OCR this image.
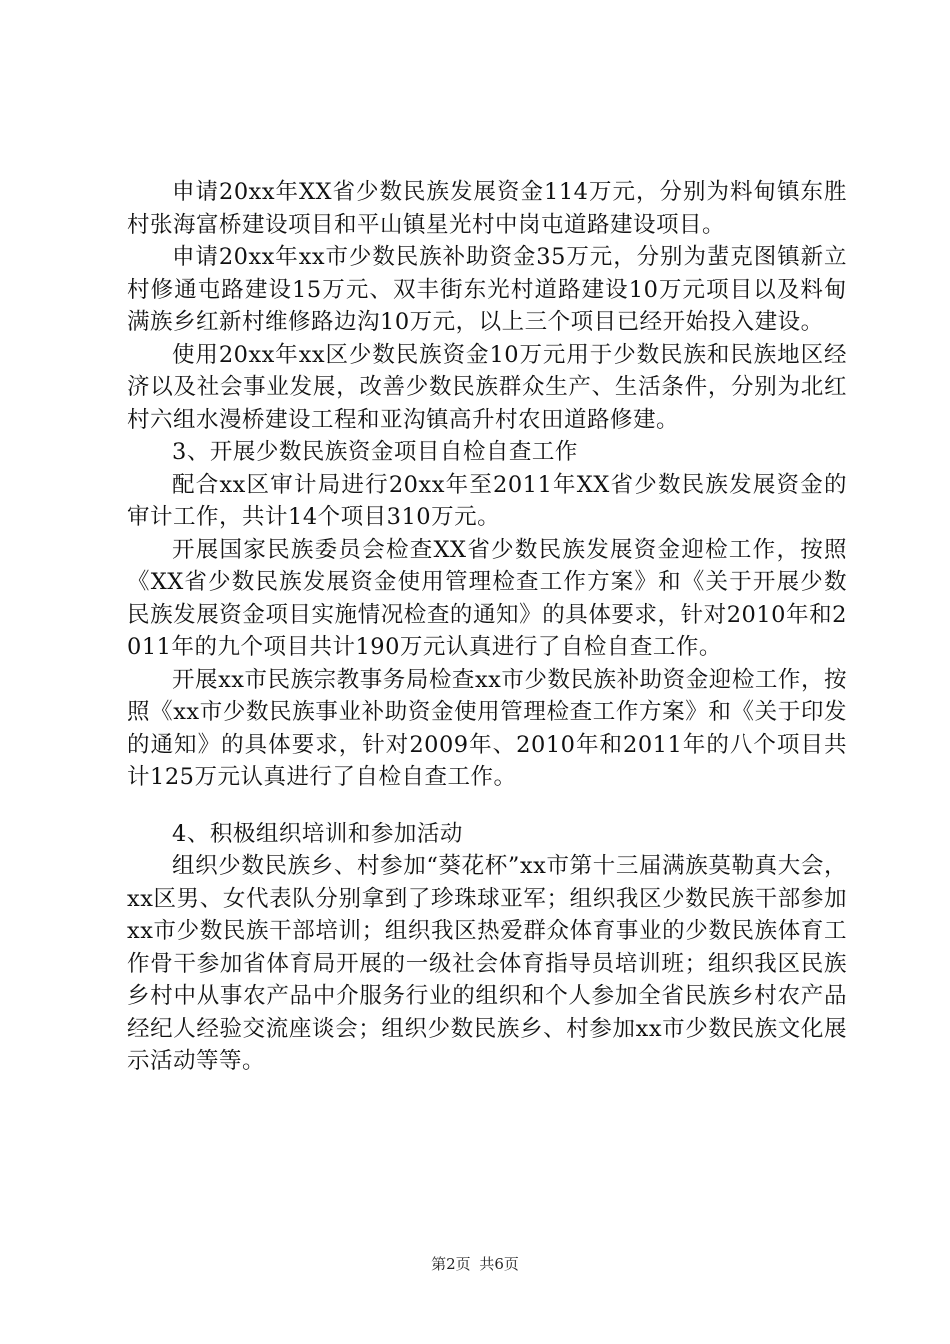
申请20xx年XX省少数民族发展资金114万元，分别为料甸镇东胜村张海富桥建设项目和平山镇星光村中岗屯道路建设项目。

申请20xx年xx市少数民族补助资金35万元，分别为蜚克图镇新立村修通屯路建设15万元、双丰街东光村道路建设10万元项目以及料甸满族乡红新村维修路边沟10万元，以上三个项目已经开始投入建设。

使用20xx年xx区少数民族资金10万元用于少数民族和民族地区经济以及社会事业发展，改善少数民族群众生产、生活条件，分别为北红村六组水漫桥建设工程和亚沟镇高升村农田道路修建。

3、开展少数民族资金项目自检自查工作

配合xx区审计局进行20xx年至2011年XX省少数民族发展资金的审计工作，共计14个项目310万元。

开展国家民族委员会检查XX省少数民族发展资金迎检工作，按照《XX省少数民族发展资金使用管理检查工作方案》和《关于开展少数民族发展资金项目实施情况检查的通知》的具体要求，针对2010年和2011年的九个项目共计190万元认真进行了自检自查工作。

开展xx市民族宗教事务局检查xx市少数民族补助资金迎检工作，按照《xx市少数民族事业补助资金使用管理检查工作方案》和《关于印发的通知》的具体要求，针对2009年、2010年和2011年的八个项目共计125万元认真进行了自检自查工作。

4、积极组织培训和参加活动

组织少数民族乡、村参加“葵花杯”xx市第十三届满族莫勒真大会，xx区男、女代表队分别拿到了珍珠球亚军；组织我区少数民族干部参加xx市少数民族干部培训；组织我区热爱群众体育事业的少数民族体育工作骨干参加省体育局开展的一级社会体育指导员培训班；组织我区民族乡村中从事农产品中介服务行业的组织和个人参加全省民族乡村农产品经纪人经验交流座谈会；组织少数民族乡、村参加xx市少数民族文化展示活动等等。

第2页 共6页
